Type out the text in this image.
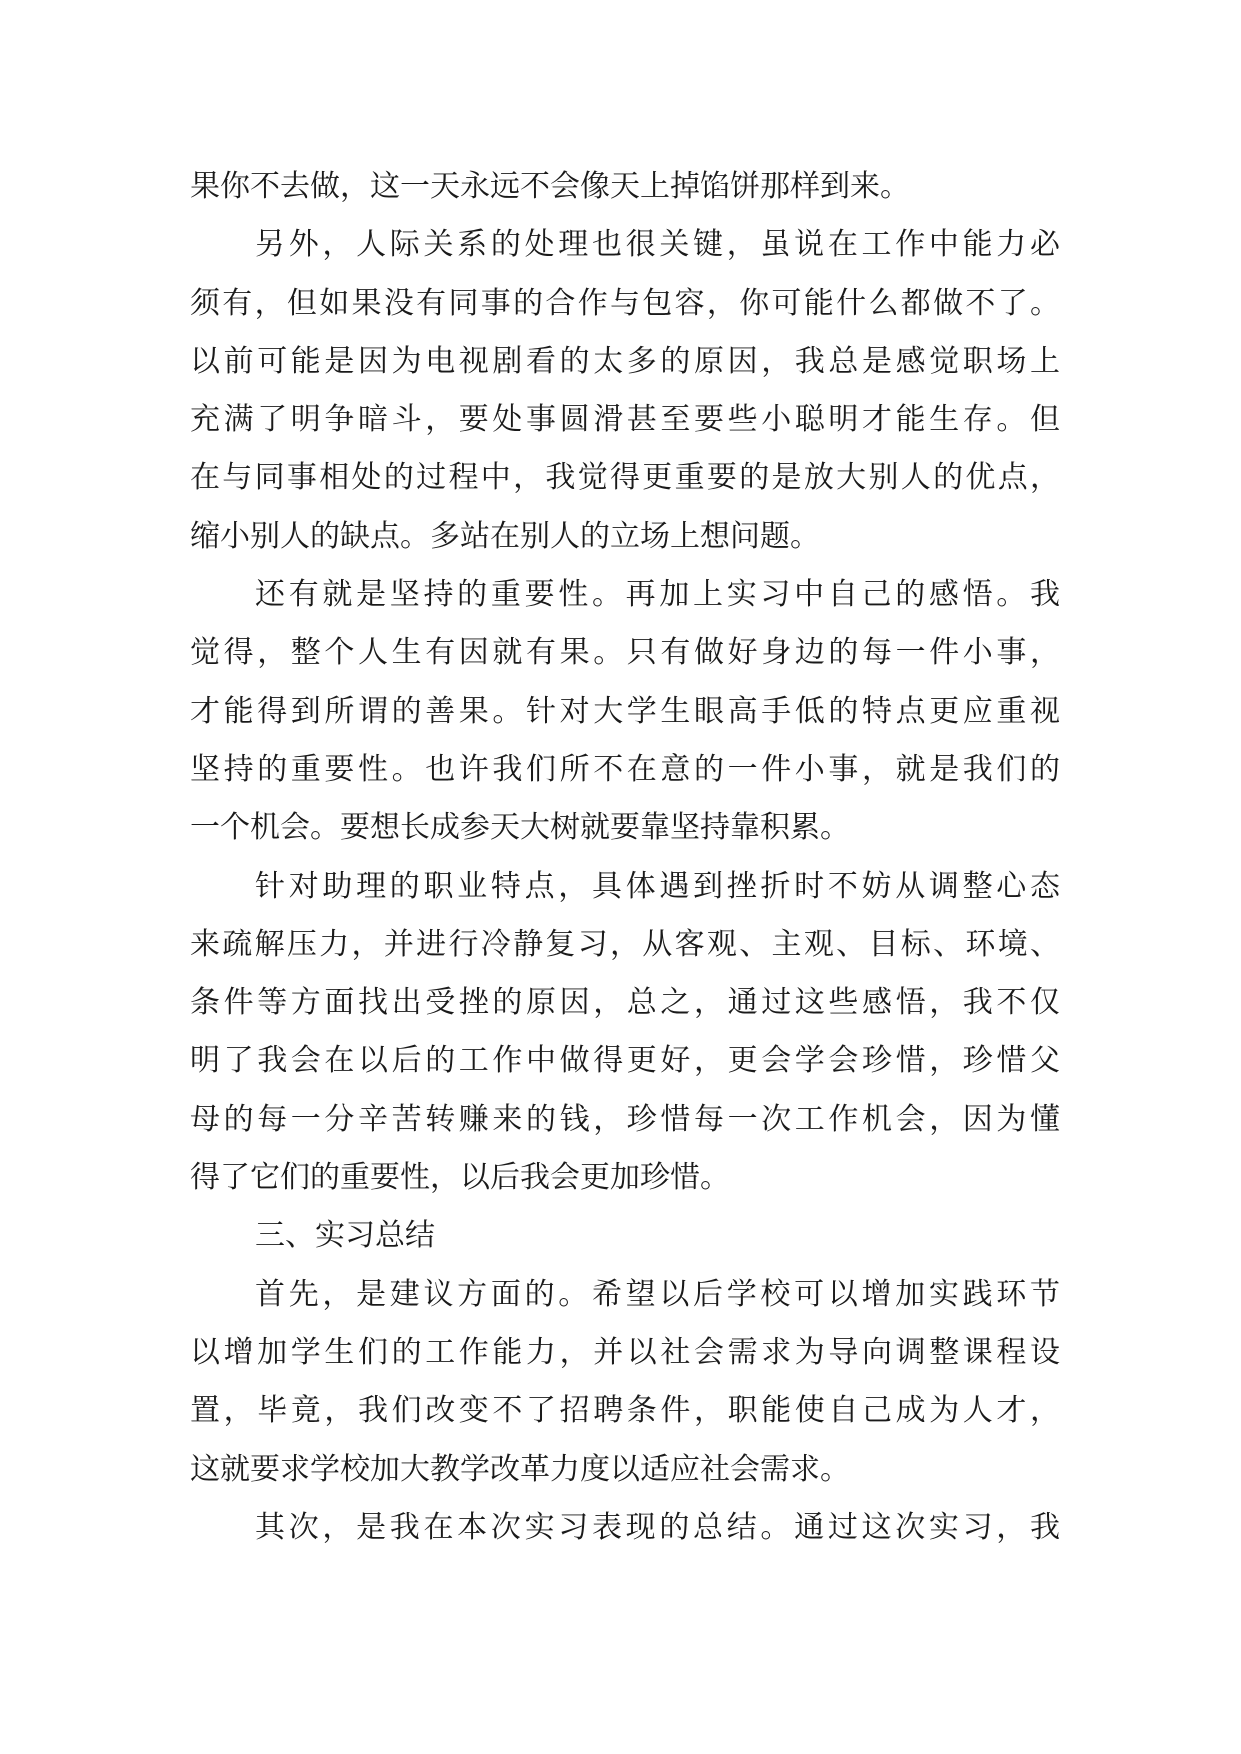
果你不去做，这一天永远不会像天上掉馅饼那样到来。
另外，人际关系的处理也很关键，虽说在工作中能力必
须有，但如果没有同事的合作与包容，你可能什么都做不了。
以前可能是因为电视剧看的太多的原因，我总是感觉职场上
充满了明争暗斗，要处事圆滑甚至要些小聪明才能生存。但
在与同事相处的过程中，我觉得更重要的是放大别人的优点，
缩小别人的缺点。多站在别人的立场上想问题。
还有就是坚持的重要性。再加上实习中自己的感悟。我
觉得，整个人生有因就有果。只有做好身边的每一件小事，
才能得到所谓的善果。针对大学生眼高手低的特点更应重视
坚持的重要性。也许我们所不在意的一件小事，就是我们的
一个机会。要想长成参天大树就要靠坚持靠积累。
针对助理的职业特点，具体遇到挫折时不妨从调整心态
来疏解压力，并进行冷静复习，从客观、主观、目标、环境、
条件等方面找出受挫的原因，总之，通过这些感悟，我不仅
明了我会在以后的工作中做得更好，更会学会珍惜，珍惜父
母的每一分辛苦转赚来的钱，珍惜每一次工作机会，因为懂
得了它们的重要性，以后我会更加珍惜。
三、实习总结
首先，是建议方面的。希望以后学校可以增加实践环节
以增加学生们的工作能力，并以社会需求为导向调整课程设
置，毕竟，我们改变不了招聘条件，职能使自己成为人才，
这就要求学校加大教学改革力度以适应社会需求。
其次，是我在本次实习表现的总结。通过这次实习，我
